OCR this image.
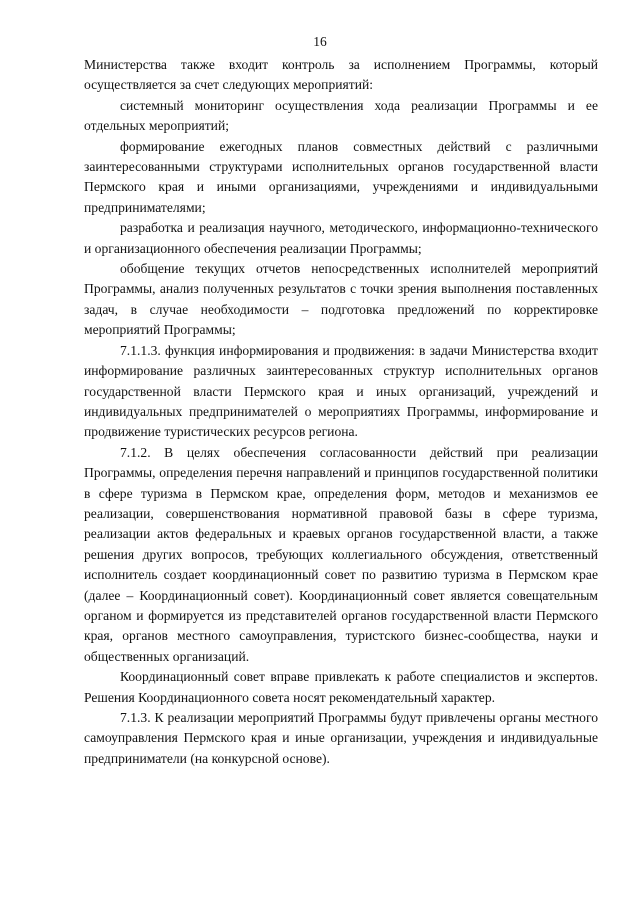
16

Министерства также входит контроль за исполнением Программы, который осуществляется за счет следующих мероприятий:

системный мониторинг осуществления хода реализации Программы и ее отдельных мероприятий;

формирование ежегодных планов совместных действий с различными заинтересованными структурами исполнительных органов государственной власти Пермского края и иными организациями, учреждениями и индивидуальными предпринимателями;

разработка и реализация научного, методического, информационно-технического и организационного обеспечения реализации Программы;

обобщение текущих отчетов непосредственных исполнителей мероприятий Программы, анализ полученных результатов с точки зрения выполнения поставленных задач, в случае необходимости – подготовка предложений по корректировке мероприятий Программы;

7.1.1.3. функция информирования и продвижения: в задачи Министерства входит информирование различных заинтересованных структур исполнительных органов государственной власти Пермского края и иных организаций, учреждений и индивидуальных предпринимателей о мероприятиях Программы, информирование и продвижение туристических ресурсов региона.

7.1.2. В целях обеспечения согласованности действий при реализации Программы, определения перечня направлений и принципов государственной политики в сфере туризма в Пермском крае, определения форм, методов и механизмов ее реализации, совершенствования нормативной правовой базы в сфере туризма, реализации актов федеральных и краевых органов государственной власти, а также решения других вопросов, требующих коллегиального обсуждения, ответственный исполнитель создает координационный совет по развитию туризма в Пермском крае (далее – Координационный совет). Координационный совет является совещательным органом и формируется из представителей органов государственной власти Пермского края, органов местного самоуправления, туристского бизнес-сообщества, науки и общественных организаций.

Координационный совет вправе привлекать к работе специалистов и экспертов. Решения Координационного совета носят рекомендательный характер.

7.1.3. К реализации мероприятий Программы будут привлечены органы местного самоуправления Пермского края и иные организации, учреждения и индивидуальные предприниматели (на конкурсной основе).
